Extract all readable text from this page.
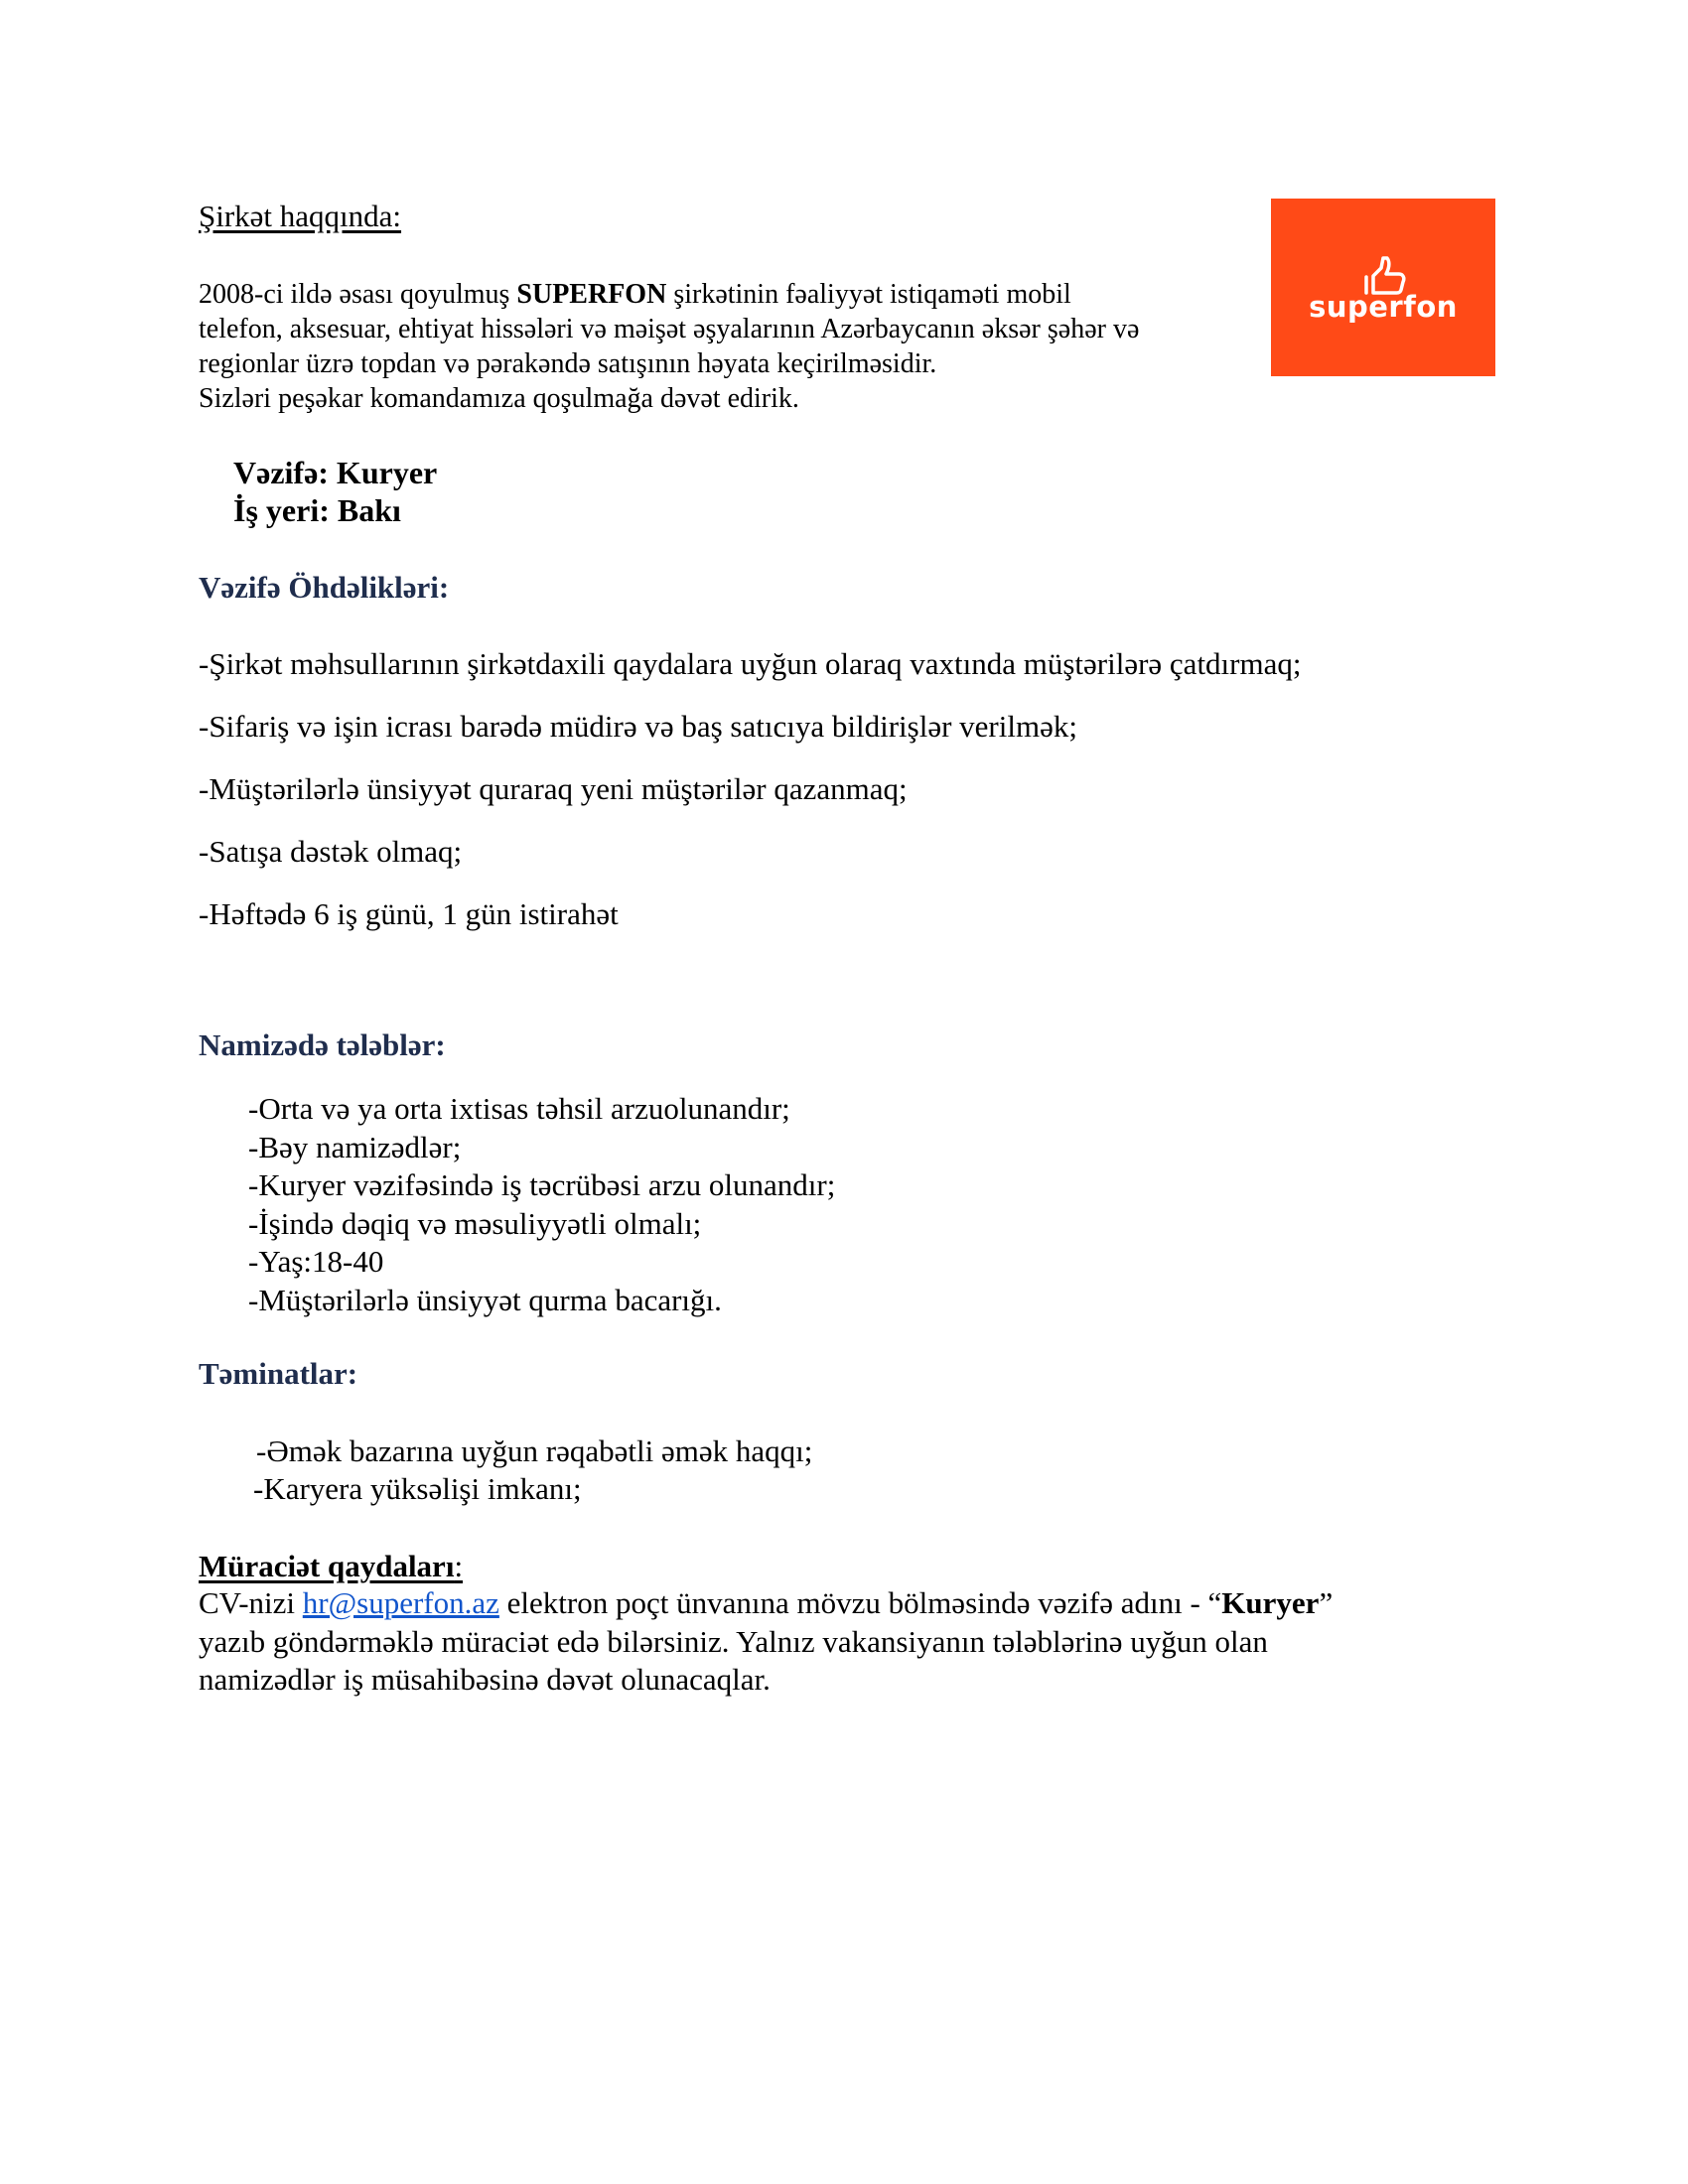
Şirkət haqqında:

2008-ci ildə əsası qoyulmuş SUPERFON şirkətinin fəaliyyət istiqaməti mobil

telefon, aksesuar, ehtiyat hissələri və məişət əşyalarının Azərbaycanın əksər şəhər və

regionlar üzrə topdan və pərakəndə satışının həyata keçirilməsidir.

Sizləri peşəkar komandamıza qoşulmağa dəvət edirik.

superfon
Vəzifə: Kuryer
İş yeri: Bakı
Vəzifə Öhdəlikləri:
-Şirkət məhsullarının şirkətdaxili qaydalara uyğun olaraq vaxtında müştərilərə çatdırmaq;
-Sifariş və işin icrası barədə müdirə və baş satıcıya bildirişlər verilmək;
-Müştərilərlə ünsiyyət quraraq yeni müştərilər qazanmaq;
-Satışa dəstək olmaq;
-Həftədə 6 iş günü, 1 gün istirahət
Namizədə tələblər:
-Orta və ya orta ixtisas təhsil arzuolunandır;
-Bəy namizədlər;
-Kuryer vəzifəsində iş təcrübəsi arzu olunandır;
-İşində dəqiq və məsuliyyətli olmalı;
-Yaş:18-40
-Müştərilərlə ünsiyyət qurma bacarığı.
Təminatlar:
-Əmək bazarına uyğun rəqabətli əmək haqqı;
-Karyera yüksəlişi imkanı;
Müraciət qaydaları:
CV-nizi hr@superfon.az elektron poçt ünvanına mövzu bölməsində vəzifə adını - “Kuryer”
yazıb göndərməklə müraciət edə bilərsiniz. Yalnız vakansiyanın tələblərinə uyğun olan
namizədlər iş müsahibəsinə dəvət olunacaqlar.
